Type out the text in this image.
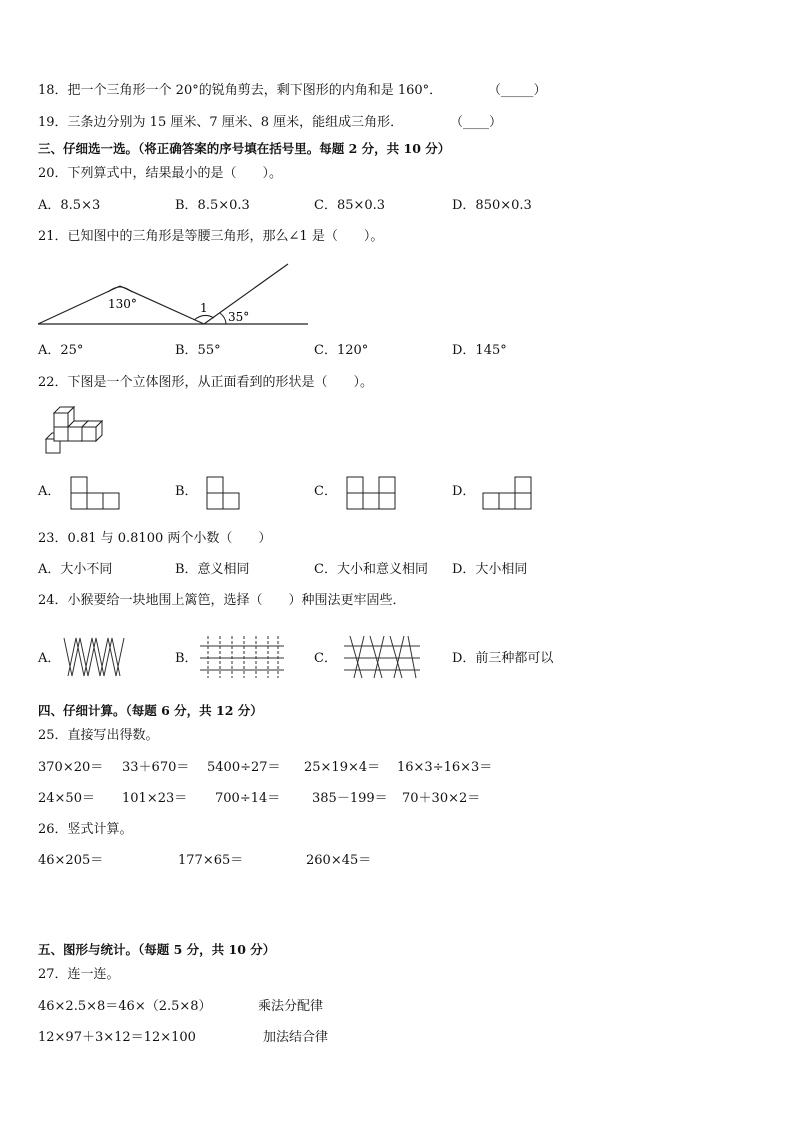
18．把一个三角形一个 20°的锐角剪去，剩下图形的内角和是 160°．	（_____）
19．三条边分别为 15 厘米、7 厘米、8 厘米，能组成三角形．	（____）
三、仔细选一选。（将正确答案的序号填在括号里。每题 2 分，共 10 分）
20．下列算式中，结果最小的是（　　）。
A．8.5×3	B．8.5×0.3	C．85×0.3	D．850×0.3
21．已知图中的三角形是等腰三角形，那么∠1 是（　　）。
130°	1
35°
A．25°	B．55°	C．120°	D．145°
22．下图是一个立体图形，从正面看到的形状是（　　）。
A．	B．	C．	D．
23．0.81 与 0.8100 两个小数（　　）
A．大小不同	B．意义相同	C．大小和意义相同 D．大小相同
24．小猴要给一块地围上篱笆，选择（　　）种围法更牢固些．
A．	B．	C．	D．前三种都可以
四、仔细计算。（每题 6 分，共 12 分）
25．直接写出得数。
370×20＝ 33＋670＝ 5400÷27＝ 25×19×4＝ 16×3÷16×3＝
24×50＝ 101×23＝ 700÷14＝ 385－199＝ 70＋30×2＝
26．竖式计算。
46×205＝	177×65＝	260×45＝
五、图形与统计。（每题 5 分，共 10 分）
27．连一连。
46×2.5×8＝46×（2.5×8）	乘法分配律
12×97＋3×12＝12×100	加法结合律
